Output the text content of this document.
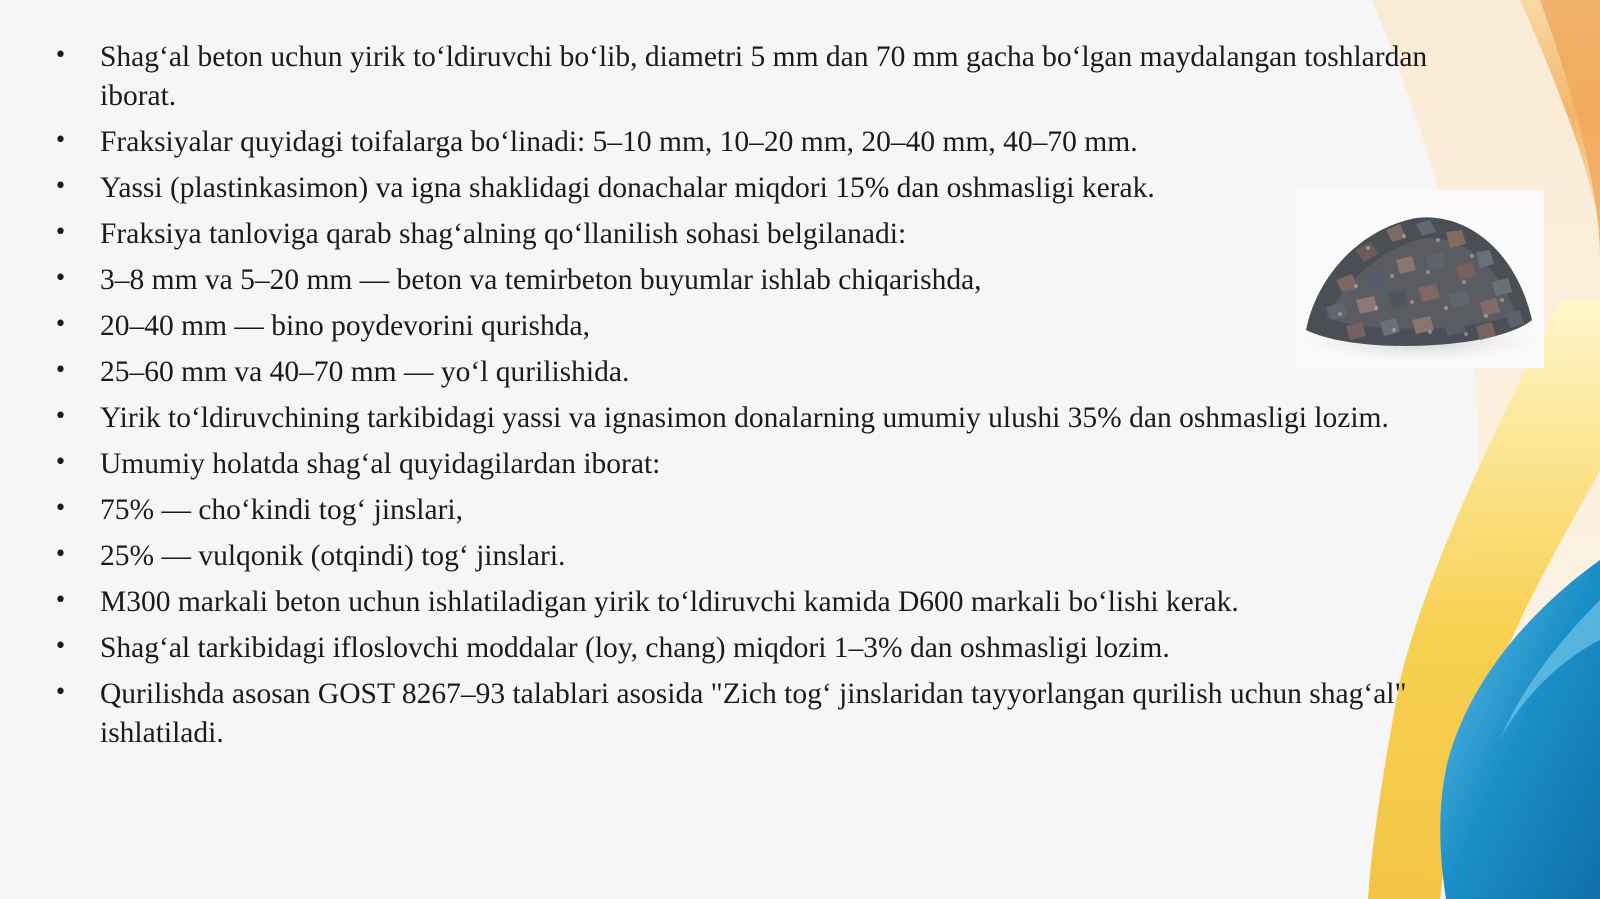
• Shag‘al beton uchun yirik to‘ldiruvchi bo‘lib, diametri 5 mm dan 70 mm gacha bo‘lgan maydalangan toshlardan iborat.
• Fraksiyalar quyidagi toifalarga bo‘linadi: 5–10 mm, 10–20 mm, 20–40 mm, 40–70 mm.
• Yassi (plastinkasimon) va igna shaklidagi donachalar miqdori 15% dan oshmasligi kerak.
• Fraksiya tanloviga qarab shag‘alning qo‘llanilish sohasi belgilanadi:
• 3–8 mm va 5–20 mm — beton va temirbeton buyumlar ishlab chiqarishda,
• 20–40 mm — bino poydevorini qurishda,
• 25–60 mm va 40–70 mm — yo‘l qurilishida.
• Yirik to‘ldiruvchining tarkibidagi yassi va ignasimon donalarning umumiy ulushi 35% dan oshmasligi lozim.
• Umumiy holatda shag‘al quyidagilardan iborat:
• 75% — cho‘kindi tog‘ jinslari,
• 25% — vulqonik (otqindi) tog‘ jinslari.
• M300 markali beton uchun ishlatiladigan yirik to‘ldiruvchi kamida D600 markali bo‘lishi kerak.
• Shag‘al tarkibidagi ifloslovchi moddalar (loy, chang) miqdori 1–3% dan oshmasligi lozim.
• Qurilishda asosan GOST 8267–93 talablari asosida "Zich tog‘ jinslaridan tayyorlangan qurilish uchun shag‘al" ishlatiladi.
